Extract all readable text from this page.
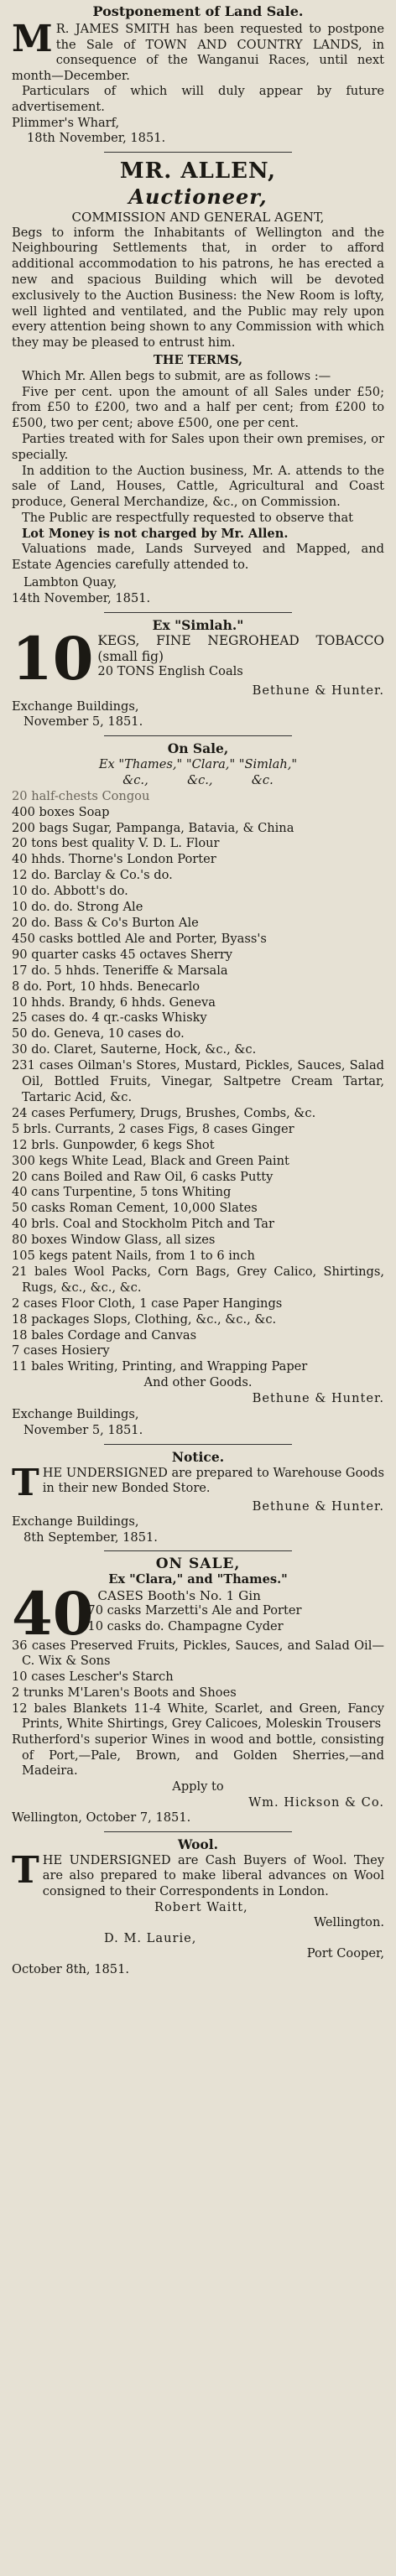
Postponement of Land Sale.
M R. JAMES SMITH has been requested to postpone the Sale of TOWN AND COUNTRY LANDS, in consequence of the Wanganui Races, until next month—December.

Particulars of which will duly appear by future advertisement.

Plimmer's Wharf,

18th November, 1851.

MR. ALLEN,
Auctioneer,
COMMISSION AND GENERAL AGENT,

Begs to inform the Inhabitants of Wellington and the Neighbouring Settlements that, in order to afford additional accommodation to his patrons, he has erected a new and spacious Building which will be devoted exclusively to the Auction Business: the New Room is lofty, well lighted and ventilated, and the Public may rely upon every attention being shown to any Commission with which they may be pleased to entrust him.

THE TERMS,

Which Mr. Allen begs to submit, are as follows :—

Five per cent. upon the amount of all Sales under £50; from £50 to £200, two and a half per cent; from £200 to £500, two per cent; above £500, one per cent.

Parties treated with for Sales upon their own premises, or specially.

In addition to the Auction business, Mr. A. attends to the sale of Land, Houses, Cattle, Agricultural and Coast produce, General Merchandize, &c., on Commission.

The Public are respectfully requested to observe that

Lot Money is not charged by Mr. Allen.

Valuations made, Lands Surveyed and Mapped, and Estate Agencies carefully attended to.

Lambton Quay,

14th November, 1851.

Ex "Simlah."
10 KEGS, FINE NEGROHEAD TOBACCO (small fig)

20 TONS English Coals

Bethune & Hunter.

Exchange Buildings,

November 5, 1851.

On Sale,
Ex "Thames," "Clara," "Simlah,"
&c.,          &c.,          &c.

20 half-chests Congou

400 boxes Soap

200 bags Sugar, Pampanga, Batavia, & China

20 tons best quality V. D. L. Flour

40 hhds. Thorne's London Porter

12 do. Barclay & Co.'s do.

10 do. Abbott's do.

10 do. do. Strong Ale

20 do. Bass & Co's Burton Ale

450 casks bottled Ale and Porter, Byass's

90 quarter casks 45 octaves Sherry

17 do. 5 hhds. Teneriffe & Marsala

8 do. Port, 10 hhds. Benecarlo

10 hhds. Brandy, 6 hhds. Geneva

25 cases do. 4 qr.-casks Whisky

50 do. Geneva, 10 cases do.

30 do. Claret, Sauterne, Hock, &c., &c.

231 cases Oilman's Stores, Mustard, Pickles, Sauces, Salad Oil, Bottled Fruits, Vinegar, Saltpetre Cream Tartar, Tartaric Acid, &c.

24 cases Perfumery, Drugs, Brushes, Combs, &c.

5 brls. Currants, 2 cases Figs, 8 cases Ginger

12 brls. Gunpowder, 6 kegs Shot

300 kegs White Lead, Black and Green Paint

20 cans Boiled and Raw Oil, 6 casks Putty

40 cans Turpentine, 5 tons Whiting

50 casks Roman Cement, 10,000 Slates

40 brls. Coal and Stockholm Pitch and Tar

80 boxes Window Glass, all sizes

105 kegs patent Nails, from 1 to 6 inch

21 bales Wool Packs, Corn Bags, Grey Calico, Shirtings, Rugs, &c., &c., &c.

2 cases Floor Cloth, 1 case Paper Hangings

18 packages Slops, Clothing, &c., &c., &c.

18 bales Cordage and Canvas

7 cases Hosiery

11 bales Writing, Printing, and Wrapping Paper

And other Goods.

Bethune & Hunter.

Exchange Buildings,

November 5, 1851.

Notice.
T HE UNDERSIGNED are prepared to Warehouse Goods in their new Bonded Store.

Bethune & Hunter.

Exchange Buildings,

8th September, 1851.

ON SALE,
Ex "Clara," and "Thames."
40 CASES Booth's No. 1 Gin

70 casks Marzetti's Ale and Porter

10 casks do. Champagne Cyder

36 cases Preserved Fruits, Pickles, Sauces, and Salad Oil—C. Wix & Sons

10 cases Lescher's Starch

2 trunks M'Laren's Boots and Shoes

12 bales Blankets 11-4 White, Scarlet, and Green, Fancy Prints, White Shirtings, Grey Calicoes, Moleskin Trousers

Rutherford's superior Wines in wood and bottle, consisting of Port,—Pale, Brown, and Golden Sherries,—and Madeira.

Apply to

Wm. Hickson & Co.

Wellington, October 7, 1851.

Wool.
T HE UNDERSIGNED are Cash Buyers of Wool. They are also prepared to make liberal advances on Wool consigned to their Correspondents in London.

Robert Waitt,

Wellington.

D. M. Laurie,

Port Cooper,

October 8th, 1851.
